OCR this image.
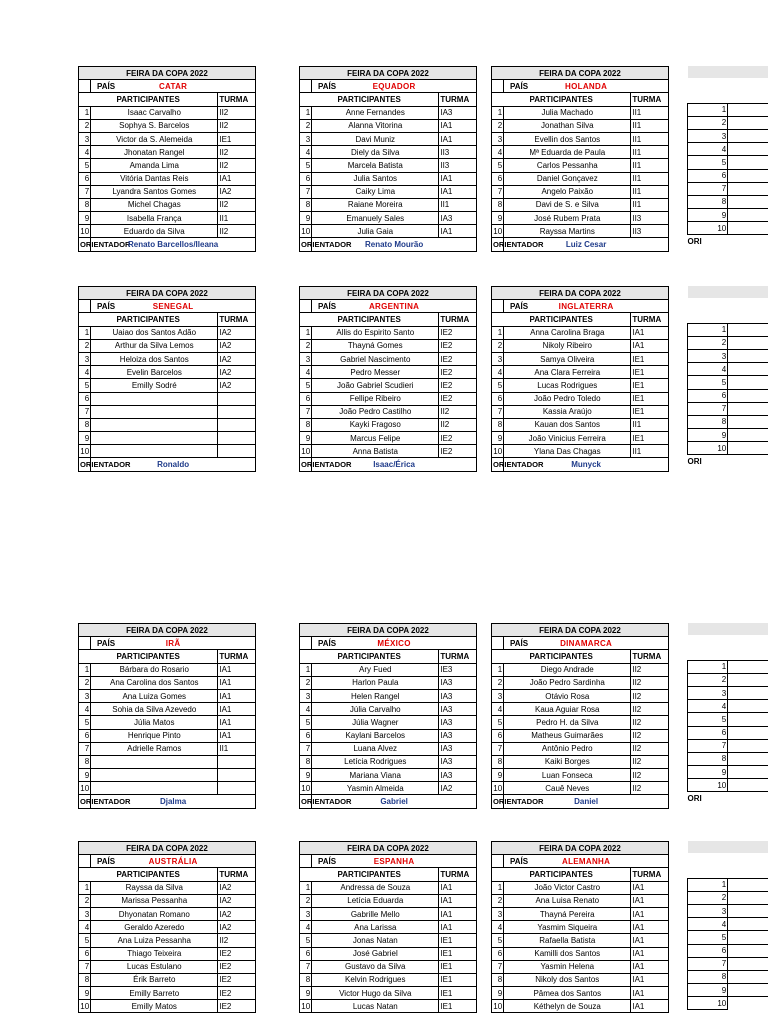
FEIRA DA COPA 2022		
PAÍS	CATAR	
PARTICIPANTES		TURMA
1	Isaac Carvalho	II2
2	Sophya S. Barcelos	II2
3	Victor da S. Alemeida	IE1
4	Jhonatan Rangel	II2
5	Amanda Lima	II2
6	Vitória Dantas Reis	IA1
7	Lyandra Santos Gomes	IA2
8	Michel Chagas	II2
9	Isabella França	II1
10	Eduardo da Silva	II2
ORIENTADOR	Renato Barcellos/Ileana	
FEIRA DA COPA 2022		
PAÍS	EQUADOR	
PARTICIPANTES		TURMA
1	Anne Fernandes	IA3
2	Alanna Vitorina	IA1
3	Davi Muniz	IA1
4	Diely da Silva	II3
5	Marcela Batista	II3
6	Julia Santos	IA1
7	Caiky Lima	IA1
8	Raiane Moreira	II1
9	Emanuely Sales	IA3
10	Julia Gaia	IA1
ORIENTADOR	Renato Mourão	
FEIRA DA COPA 2022		
PAÍS	HOLANDA	
PARTICIPANTES		TURMA
1	Julia Machado	II1
2	Jonathan Silva	II1
3	Evellin dos Santos	II1
4	Mª Eduarda de Paula	II1
5	Carlos Pessanha	II1
6	Daniel Gonçavez	II1
7	Angelo Paixão	II1
8	Davi de S. e Silva	II1
9	José Rubem Prata	II3
10	Rayssa Martins	II3
ORIENTADOR	Luiz Cesar	
FEIRA DA COPA 2022		
PAÍS	SENEGAL	
PARTICIPANTES		TURMA
1	Uaiao dos Santos Adão	IA2
2	Arthur da Silva Lemos	IA2
3	Heloiza dos Santos	IA2
4	Evelin Barcelos	IA2
5	Emilly Sodré	IA2
6		
7		
8		
9		
10		
ORIENTADOR	Ronaldo	
FEIRA DA COPA 2022		
PAÍS	ARGENTINA	
PARTICIPANTES		TURMA
1	Allis do Espirito Santo	IE2
2	Thayná Gomes	IE2
3	Gabriel Nascimento	IE2
4	Pedro Messer	IE2
5	João Gabriel Scudieri	IE2
6	Fellipe Ribeiro	IE2
7	João Pedro Castilho	II2
8	Kayki Fragoso	II2
9	Marcus Felipe	IE2
10	Anna Batista	IE2
ORIENTADOR	Isaac/Érica	
FEIRA DA COPA 2022		
PAÍS	INGLATERRA	
PARTICIPANTES		TURMA
1	Anna Carolina Braga	IA1
2	Nikoly Ribeiro	IA1
3	Samya Oliveira	IE1
4	Ana Clara Ferreira	IE1
5	Lucas Rodrigues	IE1
6	João Pedro Toledo	IE1
7	Kassia Araújo	IE1
8	Kauan dos Santos	II1
9	João Vinicius Ferreira	IE1
10	Ylana Das Chagas	II1
ORIENTADOR	Munyck	
FEIRA DA COPA 2022		
PAÍS	IRÃ	
PARTICIPANTES		TURMA
1	Bárbara do Rosario	IA1
2	Ana Carolina dos Santos	IA1
3	Ana Luiza Gomes	IA1
4	Sohia da Silva Azevedo	IA1
5	Júlia Matos	IA1
6	Henrique Pinto	IA1
7	Adrielle Ramos	II1
8		
9		
10		
ORIENTADOR	Djalma	
FEIRA DA COPA 2022		
PAÍS	MÉXICO	
PARTICIPANTES		TURMA
1	Ary Fued	IE3
2	Harlon Paula	IA3
3	Helen Rangel	IA3
4	Júlia Carvalho	IA3
5	Júlia Wagner	IA3
6	Kaylani Barcelos	IA3
7	Luana Alvez	IA3
8	Letícia Rodrigues	IA3
9	Mariana Viana	IA3
10	Yasmin Almeida	IA2
ORIENTADOR	Gabriel	
FEIRA DA COPA 2022		
PAÍS	DINAMARCA	
PARTICIPANTES		TURMA
1	Diego Andrade	II2
2	João Pedro Sardinha	II2
3	Otávio Rosa	II2
4	Kaua Aguiar Rosa	II2
5	Pedro H. da Silva	II2
6	Matheus Guimarães	II2
7	Antônio Pedro	II2
8	Kaiki Borges	II2
9	Luan Fonseca	II2
10	Cauê Neves	II2
ORIENTADOR	Daniel	
FEIRA DA COPA 2022		
PAÍS	AUSTRÁLIA	
PARTICIPANTES		TURMA
1	Rayssa da Silva	IA2
2	Marissa Pessanha	IA2
3	Dhyonatan Romano	IA2
4	Geraldo Azeredo	IA2
5	Ana Luiza Pessanha	II2
6	Thiago Teixeira	IE2
7	Lucas Estulano	IE2
8	Érik Barreto	IE2
9	Emilly Barreto	IE2
10	Emilly Matos	IE2
FEIRA DA COPA 2022		
PAÍS	ESPANHA	
PARTICIPANTES		TURMA
1	Andressa de Souza	IA1
2	Letícia Eduarda	IA1
3	Gabrille Mello	IA1
4	Ana Larissa	IA1
5	Jonas Natan	IE1
6	José Gabriel	IE1
7	Gustavo da Silva	IE1
8	Kelvin Rodrigues	IE1
9	Victor Hugo da Silva	IE1
10	Lucas Natan	IE1
FEIRA DA COPA 2022		
PAÍS	ALEMANHA	
PARTICIPANTES		TURMA
1	João Victor Castro	IA1
2	Ana Luisa Renato	IA1
3	Thayná Pereira	IA1
4	Yasmim Siqueira	IA1
5	Rafaella Batista	IA1
6	Kamilli dos Santos	IA1
7	Yasmin Helena	IA1
8	Nikoly dos Santos	IA1
9	Pâmea dos Santos	IA1
10	Kéthelyn de Souza	IA1

1	
2	
3	
4	
5	
6	
7	
8	
9	
10	
ORI	

1	
2	
3	
4	
5	
6	
7	
8	
9	
10	
ORI	

1	
2	
3	
4	
5	
6	
7	
8	
9	
10	
ORI	

1	
2	
3	
4	
5	
6	
7	
8	
9	
10	
